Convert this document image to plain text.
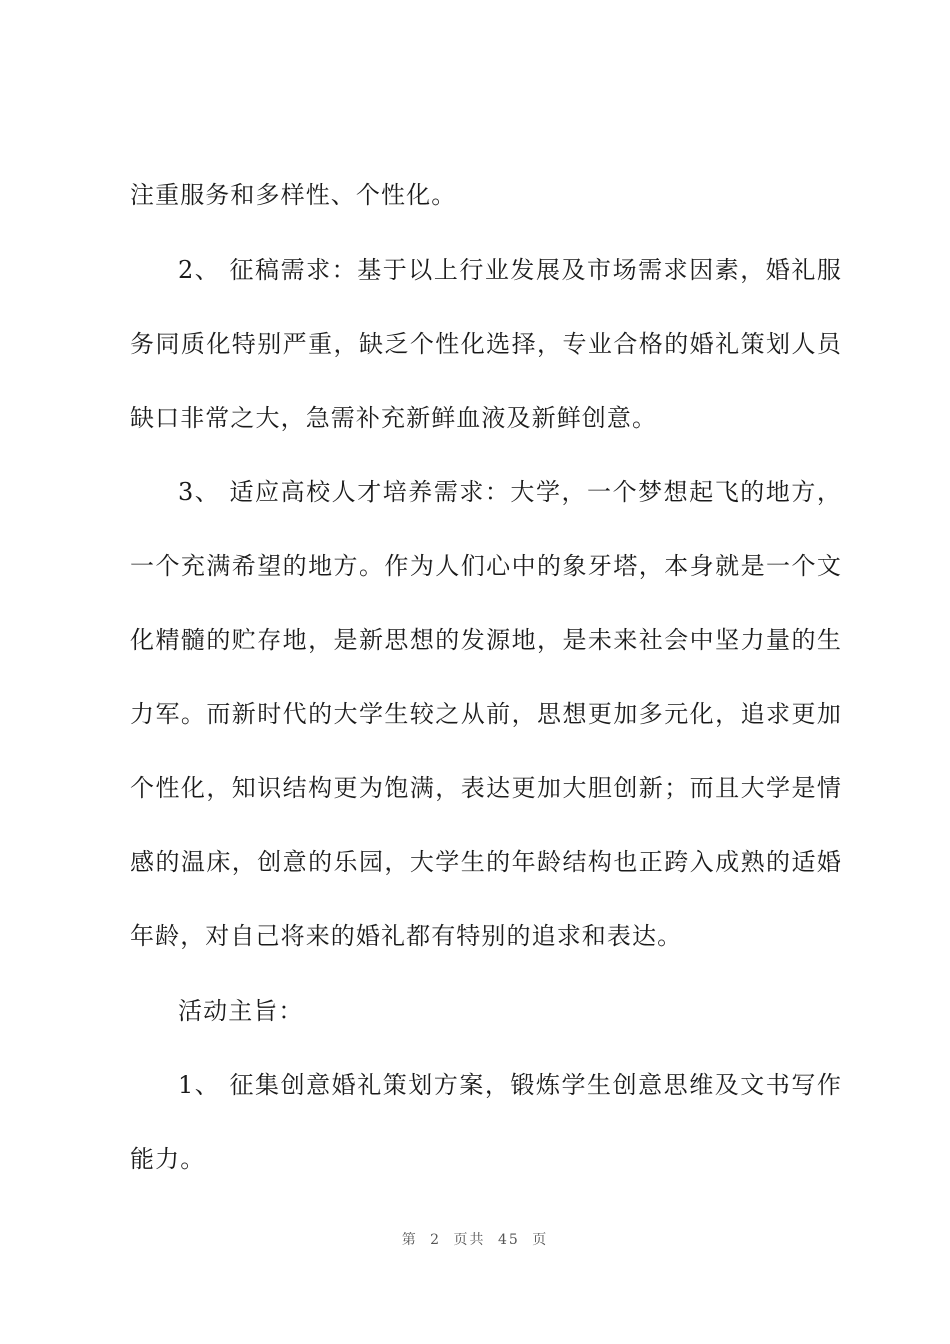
注重服务和多样性、个性化。
2、 征稿需求：基于以上行业发展及市场需求因素，婚礼服
务同质化特别严重，缺乏个性化选择，专业合格的婚礼策划人员
缺口非常之大，急需补充新鲜血液及新鲜创意。
3、 适应高校人才培养需求：大学，一个梦想起飞的地方，
一个充满希望的地方。作为人们心中的象牙塔，本身就是一个文
化精髓的贮存地，是新思想的发源地，是未来社会中坚力量的生
力军。而新时代的大学生较之从前，思想更加多元化，追求更加
个性化，知识结构更为饱满，表达更加大胆创新；而且大学是情
感的温床，创意的乐园，大学生的年龄结构也正跨入成熟的适婚
年龄，对自己将来的婚礼都有特别的追求和表达。
活动主旨：
1、 征集创意婚礼策划方案，锻炼学生创意思维及文书写作
能力。
第 2 页共 45 页
